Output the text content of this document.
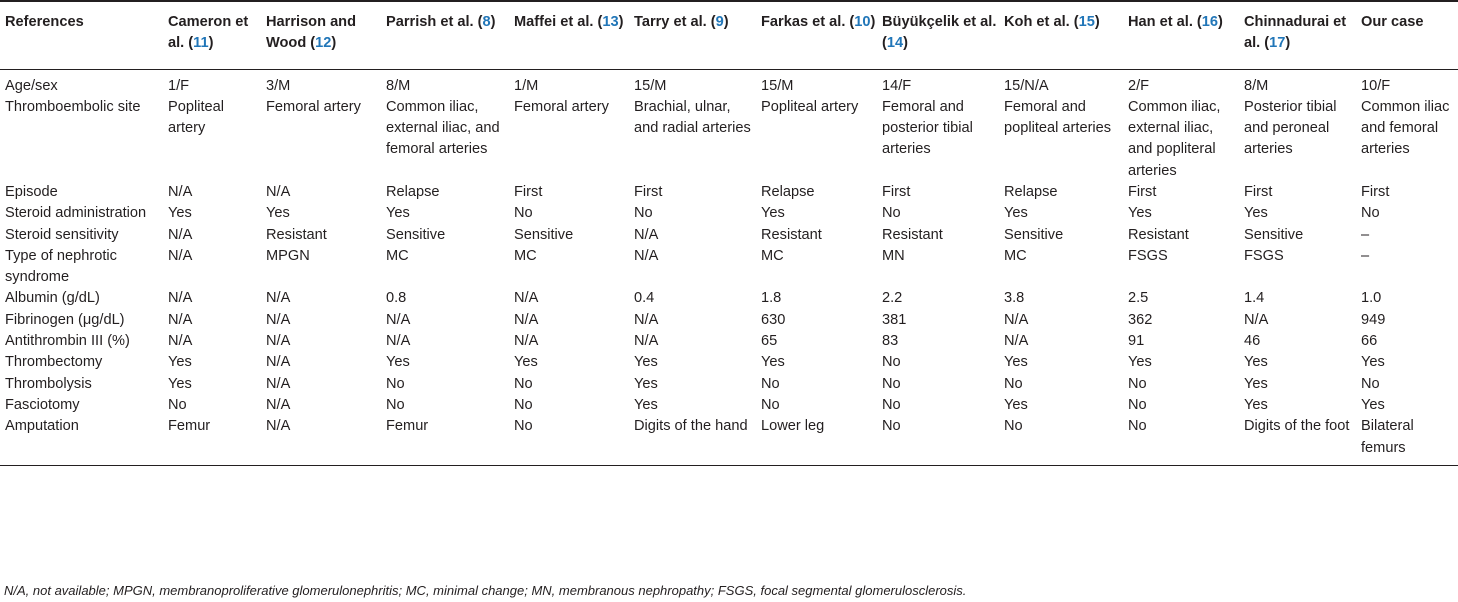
References	Cameron et al. (11)	Harrison and Wood (12)	Parrish et al. (8)	Maffei et al. (13)	Tarry et al. (9)	Farkas et al. (10)	Büyükçelik et al. (14)	Koh et al. (15)	Han et al. (16)	Chinnadurai et al. (17)	Our case
Age/sex	1/F	3/M	8/M	1/M	15/M	15/M	14/F	15/N/A	2/F	8/M	10/F
Thromboembolic site	Popliteal artery	Femoral artery	Common iliac, external iliac, and femoral arteries	Femoral artery	Brachial, ulnar, and radial arteries	Popliteal artery	Femoral and posterior tibial arteries	Femoral and popliteal arteries	Common iliac, external iliac, and popliteral arteries	Posterior tibial and peroneal arteries	Common iliac and femoral arteries
Episode	N/A	N/A	Relapse	First	First	Relapse	First	Relapse	First	First	First
Steroid administration	Yes	Yes	Yes	No	No	Yes	No	Yes	Yes	Yes	No
Steroid sensitivity	N/A	Resistant	Sensitive	Sensitive	N/A	Resistant	Resistant	Sensitive	Resistant	Sensitive	–
Type of nephrotic syndrome	N/A	MPGN	MC	MC	N/A	MC	MN	MC	FSGS	FSGS	–
Albumin (g/dL)	N/A	N/A	0.8	N/A	0.4	1.8	2.2	3.8	2.5	1.4	1.0
Fibrinogen (μg/dL)	N/A	N/A	N/A	N/A	N/A	630	381	N/A	362	N/A	949
Antithrombin III (%)	N/A	N/A	N/A	N/A	N/A	65	83	N/A	91	46	66
Thrombectomy	Yes	N/A	Yes	Yes	Yes	Yes	No	Yes	Yes	Yes	Yes
Thrombolysis	Yes	N/A	No	No	Yes	No	No	No	No	Yes	No
Fasciotomy	No	N/A	No	No	Yes	No	No	Yes	No	Yes	Yes
Amputation	Femur	N/A	Femur	No	Digits of the hand	Lower leg	No	No	No	Digits of the foot	Bilateral femurs
N/A, not available; MPGN, membranoproliferative glomerulonephritis; MC, minimal change; MN, membranous nephropathy; FSGS, focal segmental glomerulosclerosis.
